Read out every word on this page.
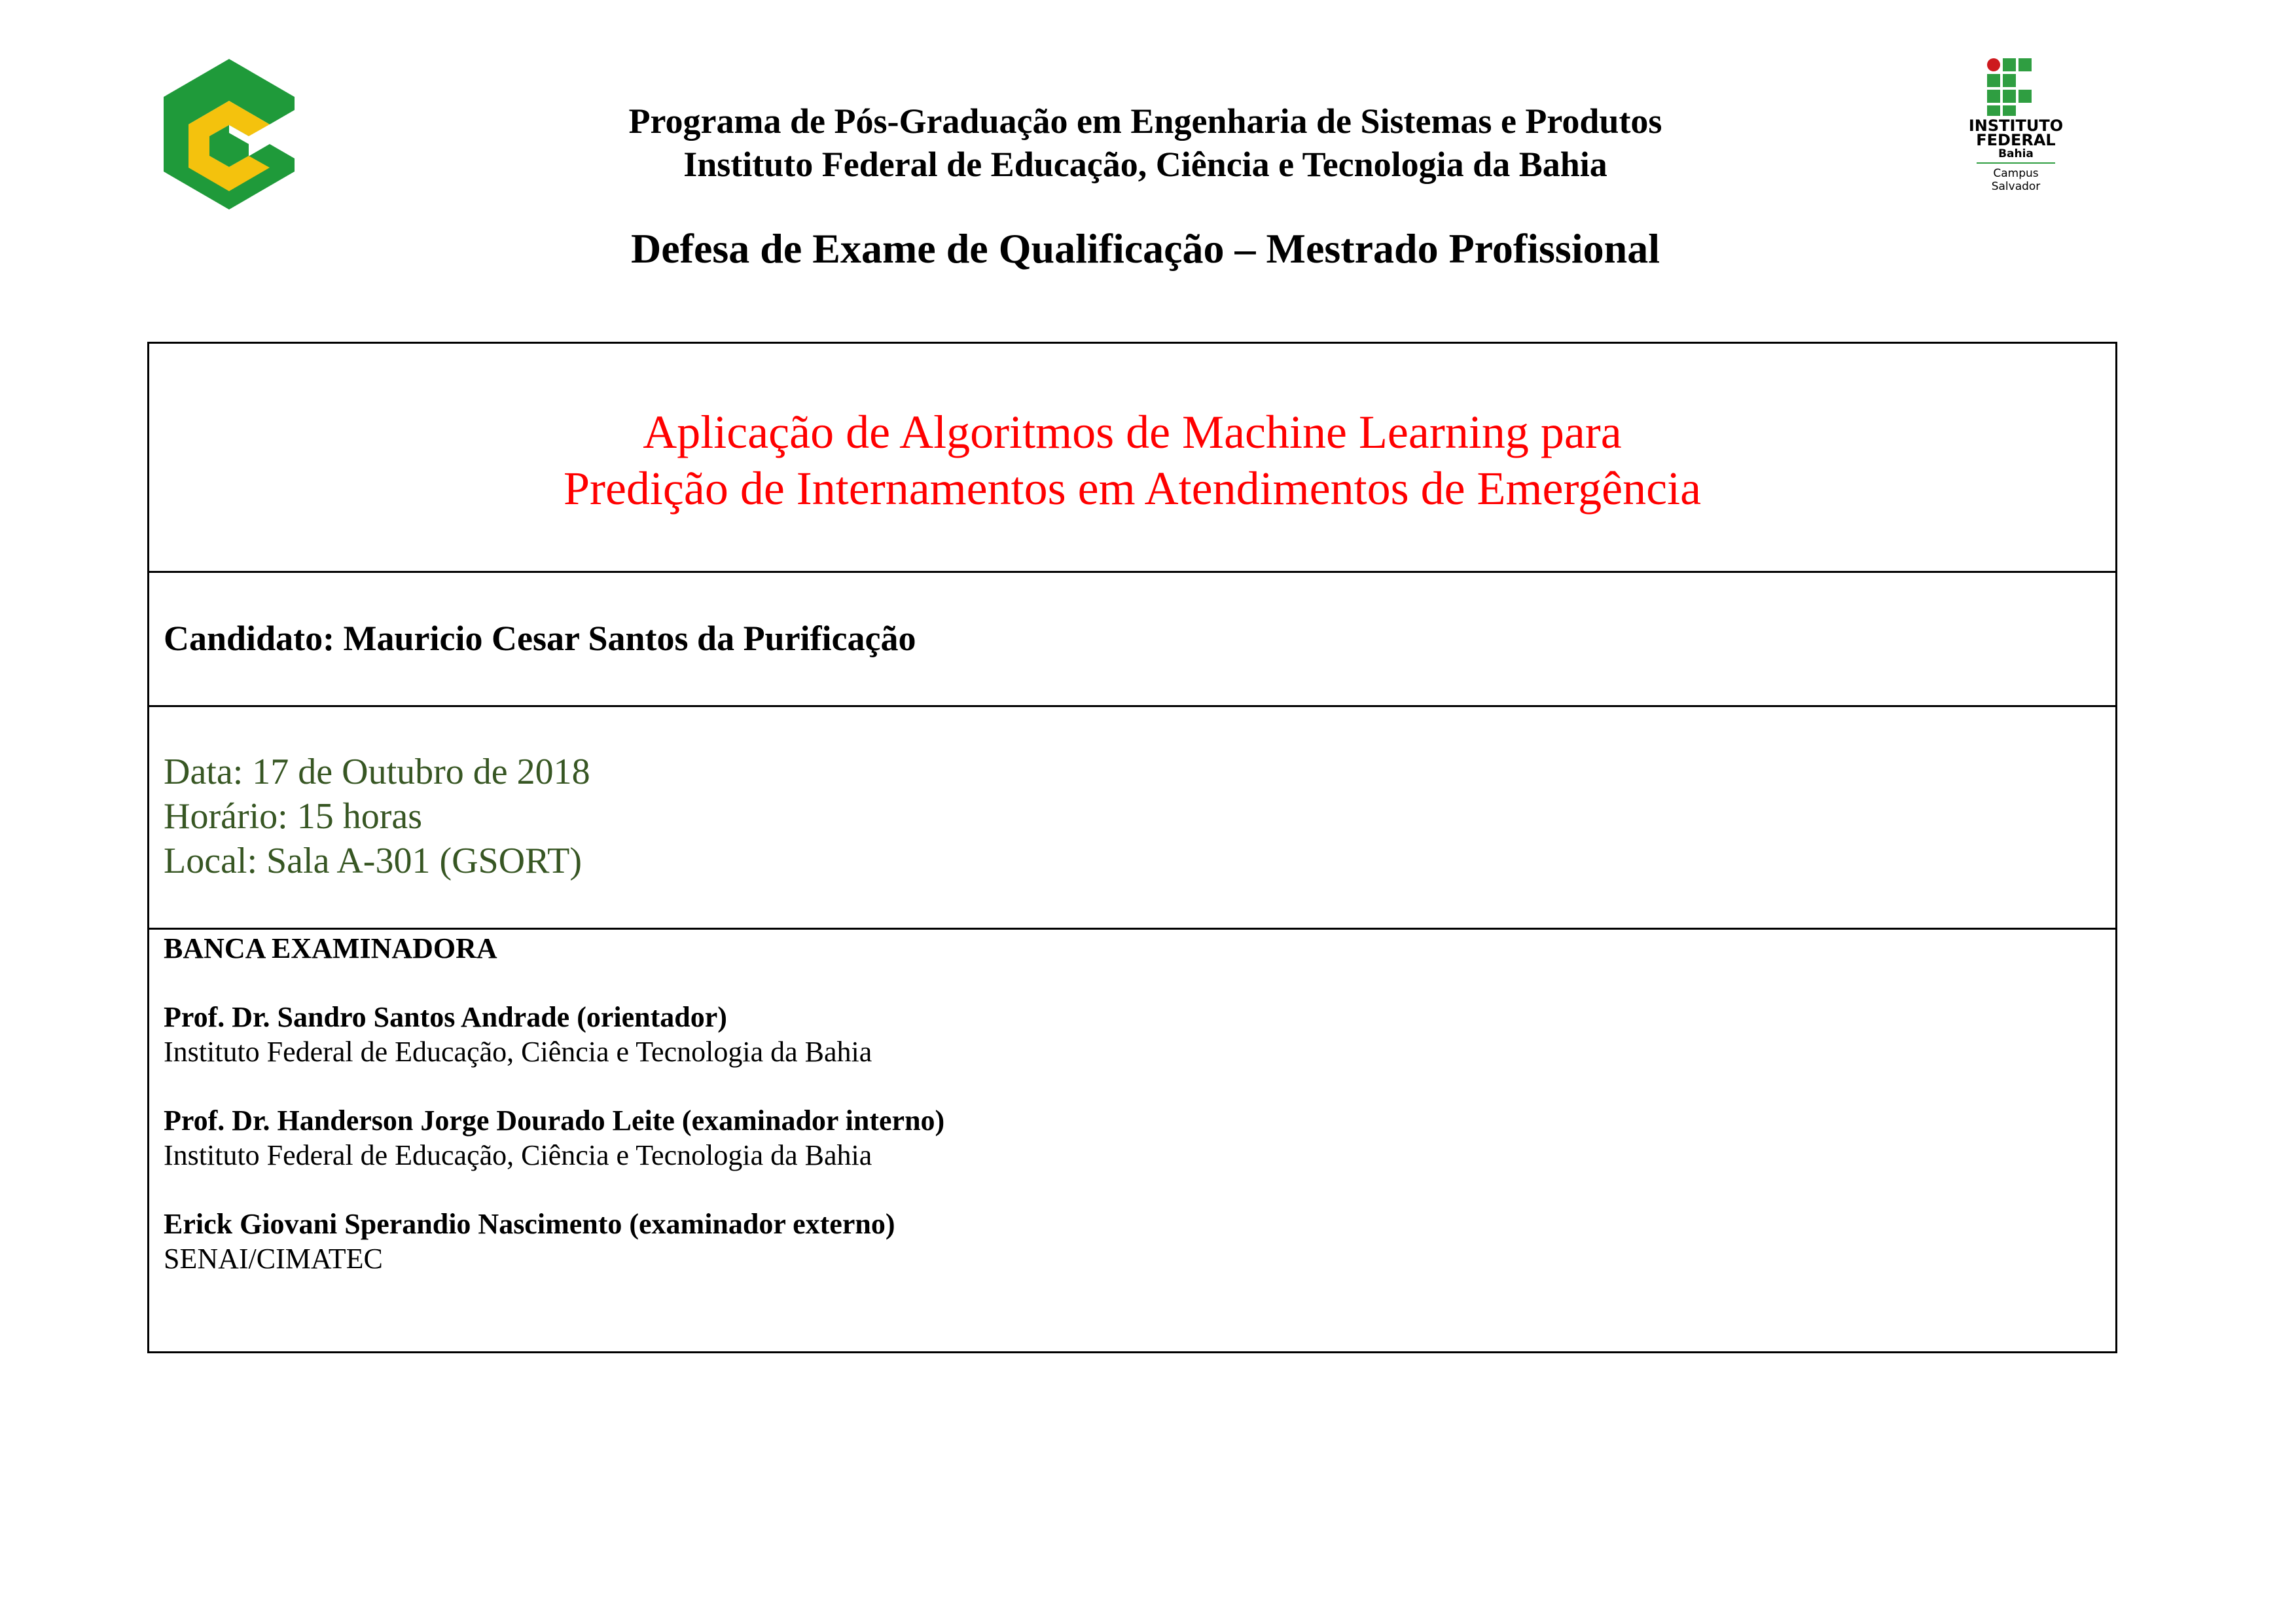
INSTITUTO
FEDERAL
Bahia
Campus
Salvador
Programa de Pós-Graduação em Engenharia de Sistemas e Produtos
Instituto Federal de Educação, Ciência e Tecnologia da Bahia
Defesa de Exame de Qualificação – Mestrado Profissional
Aplicação de Algoritmos de Machine Learning para
Predição de Internamentos em Atendimentos de Emergência
Candidato: Mauricio Cesar Santos da Purificação
Data: 17 de Outubro de 2018
Horário: 15 horas
Local: Sala A-301 (GSORT)
BANCA EXAMINADORA
Prof. Dr. Sandro Santos Andrade (orientador)
Instituto Federal de Educação, Ciência e Tecnologia da Bahia
Prof. Dr. Handerson Jorge Dourado Leite (examinador interno)
Instituto Federal de Educação, Ciência e Tecnologia da Bahia
Erick Giovani Sperandio Nascimento (examinador externo)
SENAI/CIMATEC
